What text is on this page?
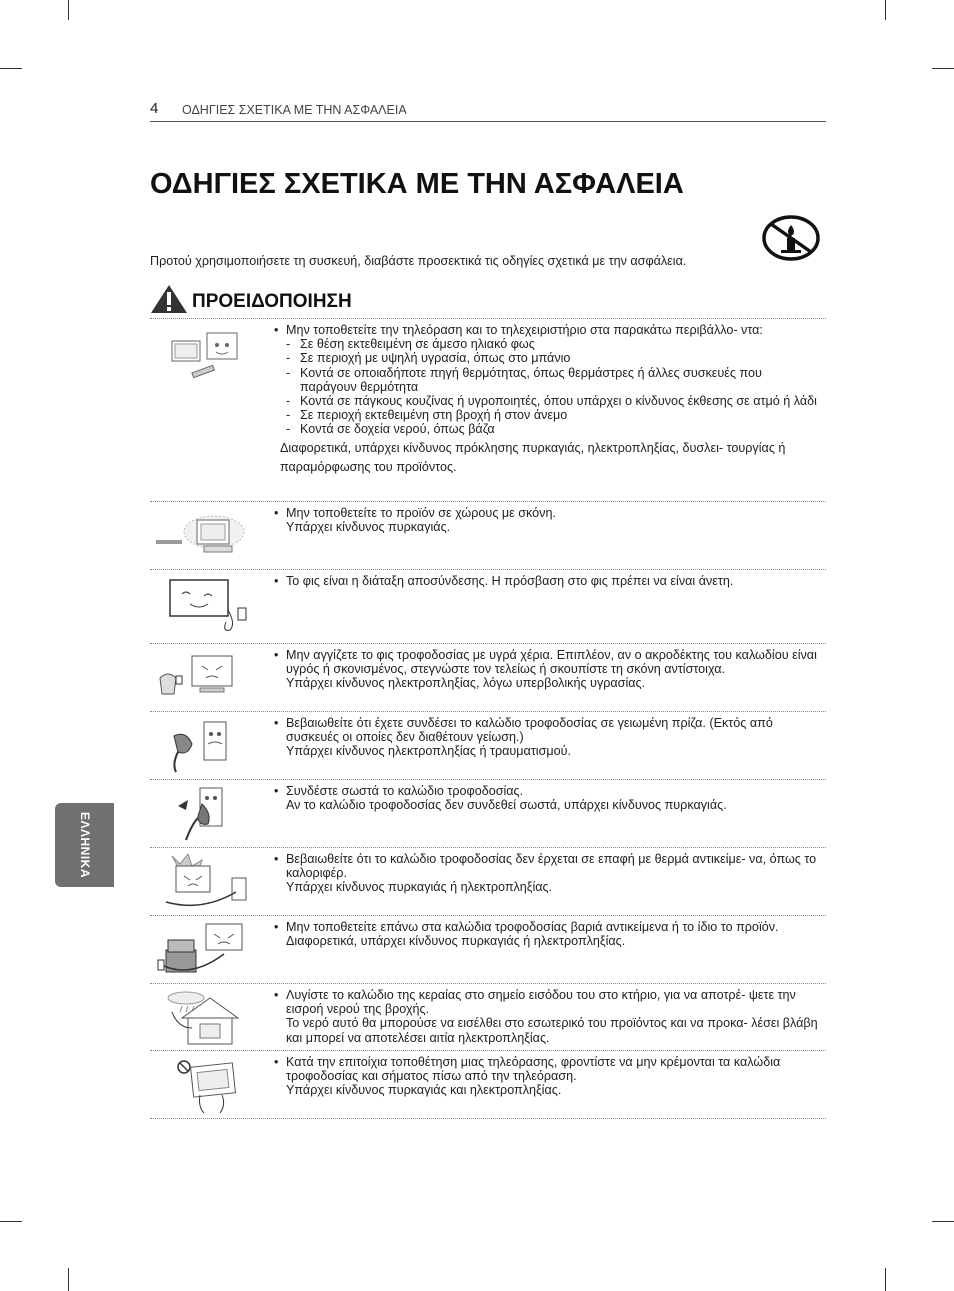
4 ΟΔΗΓΙΕΣ ΣΧΕΤΙΚΑ ΜΕ ΤΗΝ ΑΣΦΑΛΕΙΑ
ΟΔΗΓΙΕΣ ΣΧΕΤΙΚΑ ΜΕ ΤΗΝ ΑΣΦΑΛΕΙΑ
Προτού χρησιμοποιήσετε τη συσκευή, διαβάστε προσεκτικά τις οδηγίες σχετικά με την ασφάλεια.
ΠΡΟΕΙΔΟΠΟΙΗΣΗ
• Μην τοποθετείτε την τηλεόραση και το τηλεχειριστήριο στα παρακάτω περιβάλλο- ντα:
- Σε θέση εκτεθειμένη σε άμεσο ηλιακό φως
- Σε περιοχή με υψηλή υγρασία, όπως στο μπάνιο
- Κοντά σε οποιαδήποτε πηγή θερμότητας, όπως θερμάστρες ή άλλες συσκευές που παράγουν θερμότητα
- Κοντά σε πάγκους κουζίνας ή υγροποιητές, όπου υπάρχει ο κίνδυνος έκθεσης σε ατμό ή λάδι
- Σε περιοχή εκτεθειμένη στη βροχή ή στον άνεμο
- Κοντά σε δοχεία νερού, όπως βάζα
Διαφορετικά, υπάρχει κίνδυνος πρόκλησης πυρκαγιάς, ηλεκτροπληξίας, δυσλει- τουργίας ή παραμόρφωσης του προϊόντος.
• Μην τοποθετείτε το προϊόν σε χώρους με σκόνη.
Υπάρχει κίνδυνος πυρκαγιάς.
• Το φις είναι η διάταξη αποσύνδεσης. Η πρόσβαση στο φις πρέπει να είναι άνετη.
• Μην αγγίζετε το φις τροφοδοσίας με υγρά χέρια. Επιπλέον, αν ο ακροδέκτης του καλωδίου είναι υγρός ή σκονισμένος, στεγνώστε τον τελείως ή σκουπίστε τη σκόνη αντίστοιχα.
Υπάρχει κίνδυνος ηλεκτροπληξίας, λόγω υπερβολικής υγρασίας.
• Βεβαιωθείτε ότι έχετε συνδέσει το καλώδιο τροφοδοσίας σε γειωμένη πρίζα. (Εκτός από συσκευές οι οποίες δεν διαθέτουν γείωση.)
Υπάρχει κίνδυνος ηλεκτροπληξίας ή τραυματισμού.
• Συνδέστε σωστά το καλώδιο τροφοδοσίας.
Αν το καλώδιο τροφοδοσίας δεν συνδεθεί σωστά, υπάρχει κίνδυνος πυρκαγιάς.
• Βεβαιωθείτε ότι το καλώδιο τροφοδοσίας δεν έρχεται σε επαφή με θερμά αντικείμε- να, όπως το καλοριφέρ.
Υπάρχει κίνδυνος πυρκαγιάς ή ηλεκτροπληξίας.
• Μην τοποθετείτε επάνω στα καλώδια τροφοδοσίας βαριά αντικείμενα ή το ίδιο το προϊόν.
Διαφορετικά, υπάρχει κίνδυνος πυρκαγιάς ή ηλεκτροπληξίας.
• Λυγίστε το καλώδιο της κεραίας στο σημείο εισόδου του στο κτήριο, για να αποτρέ- ψετε την εισροή νερού της βροχής.
Το νερό αυτό θα μπορούσε να εισέλθει στο εσωτερικό του προϊόντος και να προκα- λέσει βλάβη και μπορεί να αποτελέσει αιτία ηλεκτροπληξίας.
• Κατά την επιτοίχια τοποθέτηση μιας τηλεόρασης, φροντίστε να μην κρέμονται τα καλώδια τροφοδοσίας και σήματος πίσω από την τηλεόραση.
Υπάρχει κίνδυνος πυρκαγιάς και ηλεκτροπληξίας.
ΕΛΛΗΝΙΚΑ
